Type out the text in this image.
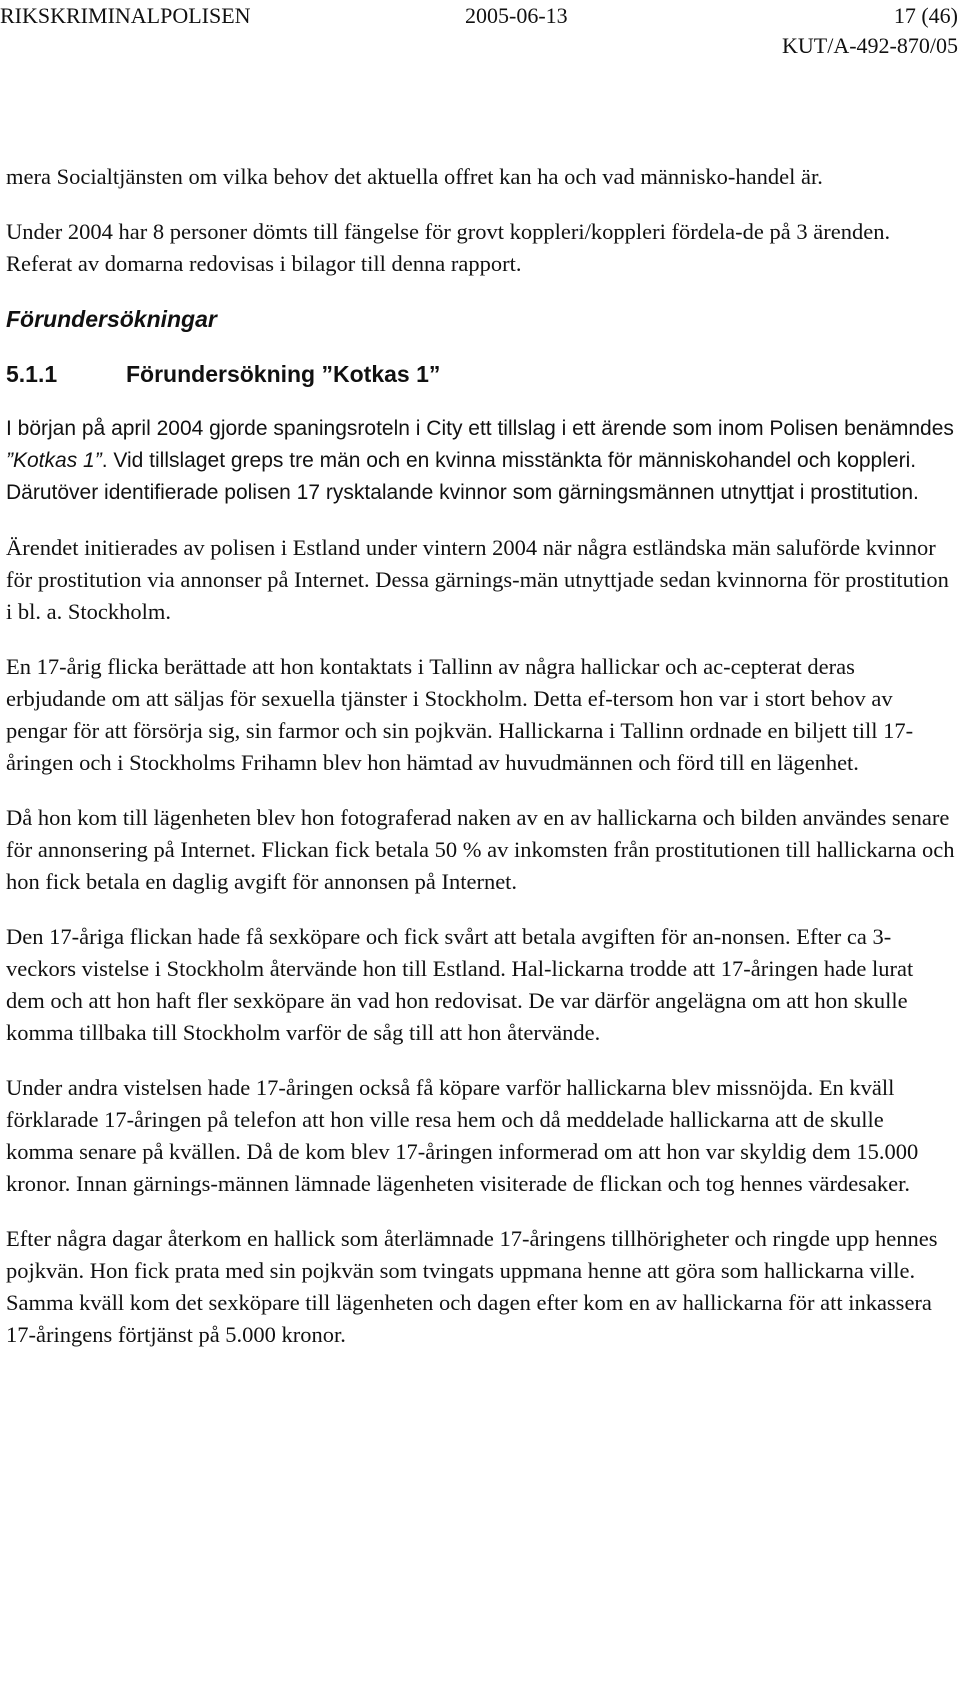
RIKSKRIMINALPOLISEN	2005-06-13	17 (46)
KUT/A-492-870/05

mera Socialtjänsten om vilka behov det aktuella offret kan ha och vad människo-handel är.

Under 2004 har 8 personer dömts till fängelse för grovt koppleri/koppleri fördela-de på 3 ärenden. Referat av domarna redovisas i bilagor till denna rapport.

Förundersökningar

5.1.1	Förundersökning ”Kotkas 1”

I början på april 2004 gjorde spaningsroteln i City ett tillslag i ett ärende som inom Polisen benämndes ”Kotkas 1”. Vid tillslaget greps tre män och en kvinna misstänkta för människohandel och koppleri. Därutöver identifierade polisen 17 rysktalande kvinnor som gärningsmännen utnyttjat i prostitution.

Ärendet initierades av polisen i Estland under vintern 2004 när några estländska män saluförde kvinnor för prostitution via annonser på Internet. Dessa gärnings-män utnyttjade sedan kvinnorna för prostitution i bl. a. Stockholm.

En 17-årig flicka berättade att hon kontaktats i Tallinn av några hallickar och ac-cepterat deras erbjudande om att säljas för sexuella tjänster i Stockholm. Detta ef-tersom hon var i stort behov av pengar för att försörja sig, sin farmor och sin pojkvän. Hallickarna i Tallinn ordnade en biljett till 17-åringen och i Stockholms Frihamn blev hon hämtad av huvudmännen och förd till en lägenhet.

Då hon kom till lägenheten blev hon fotograferad naken av en av hallickarna och bilden användes senare för annonsering på Internet. Flickan fick betala 50 % av inkomsten från prostitutionen till hallickarna och hon fick betala en daglig avgift för annonsen på Internet.

Den 17-åriga flickan hade få sexköpare och fick svårt att betala avgiften för an-nonsen. Efter ca 3-veckors vistelse i Stockholm återvände hon till Estland. Hal-lickarna trodde att 17-åringen hade lurat dem och att hon haft fler sexköpare än vad hon redovisat. De var därför angelägna om att hon skulle komma tillbaka till Stockholm varför de såg till att hon återvände.

Under andra vistelsen hade 17-åringen också få köpare varför hallickarna blev missnöjda. En kväll förklarade 17-åringen på telefon att hon ville resa hem och då meddelade hallickarna att de skulle komma senare på kvällen. Då de kom blev 17-åringen informerad om att hon var skyldig dem 15.000 kronor. Innan gärnings-männen lämnade lägenheten visiterade de flickan och tog hennes värdesaker.

Efter några dagar återkom en hallick som återlämnade 17-åringens tillhörigheter och ringde upp hennes pojkvän. Hon fick prata med sin pojkvän som tvingats uppmana henne att göra som hallickarna ville. Samma kväll kom det sexköpare till lägenheten och dagen efter kom en av hallickarna för att inkassera 17-åringens förtjänst på 5.000 kronor.
